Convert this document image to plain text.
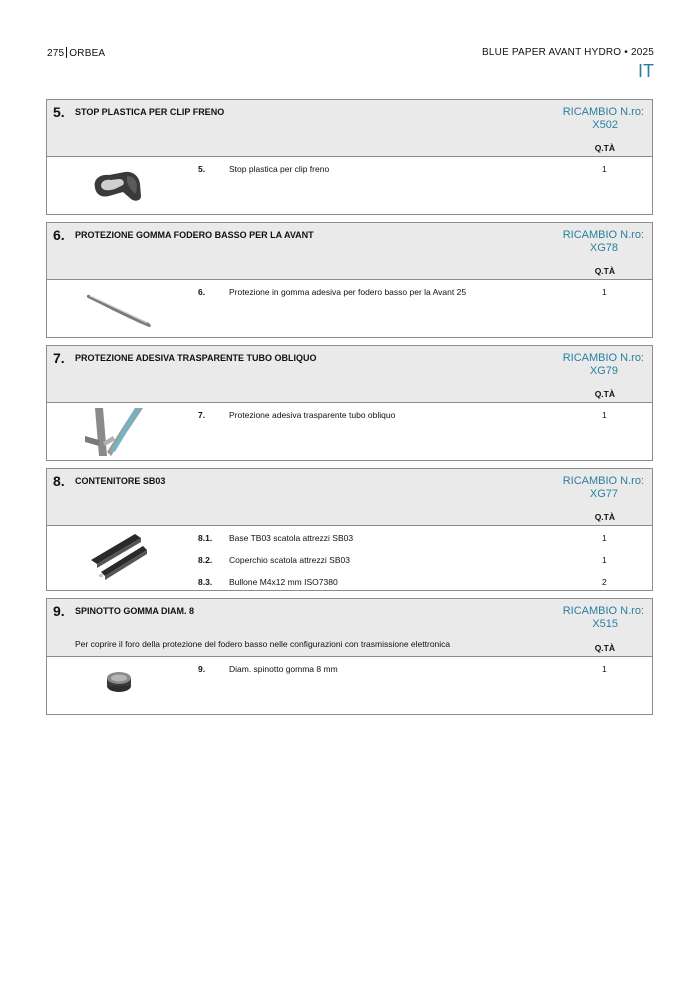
275 ORBEA	BLUE PAPER AVANT HYDRO • 2025
IT
5. STOP PLASTICA PER CLIP FRENO	RICAMBIO N.ro:
X502
Q.TÀ
5.	Stop plastica per clip freno	1
6. PROTEZIONE GOMMA FODERO BASSO PER LA AVANT	RICAMBIO N.ro:
XG78
Q.TÀ
6.	Protezione in gomma adesiva per fodero basso per la Avant 25	1
7. PROTEZIONE ADESIVA TRASPARENTE TUBO OBLIQUO	RICAMBIO N.ro:
XG79
Q.TÀ
7.	Protezione adesiva trasparente tubo obliquo	1
8. CONTENITORE SB03	RICAMBIO N.ro:
XG77
Q.TÀ
8.1. Base TB03 scatola attrezzi SB03	1
8.2. Coperchio scatola attrezzi SB03	1
8.3. Bullone M4x12 mm ISO7380	2
9. SPINOTTO GOMMA DIAM. 8
Per coprire il foro della protezione del fodero basso nelle configurazioni con trasmissione elettronica
RICAMBIO N.ro:
X515
Q.TÀ
9.	Diam. spinotto gomma 8 mm	1
